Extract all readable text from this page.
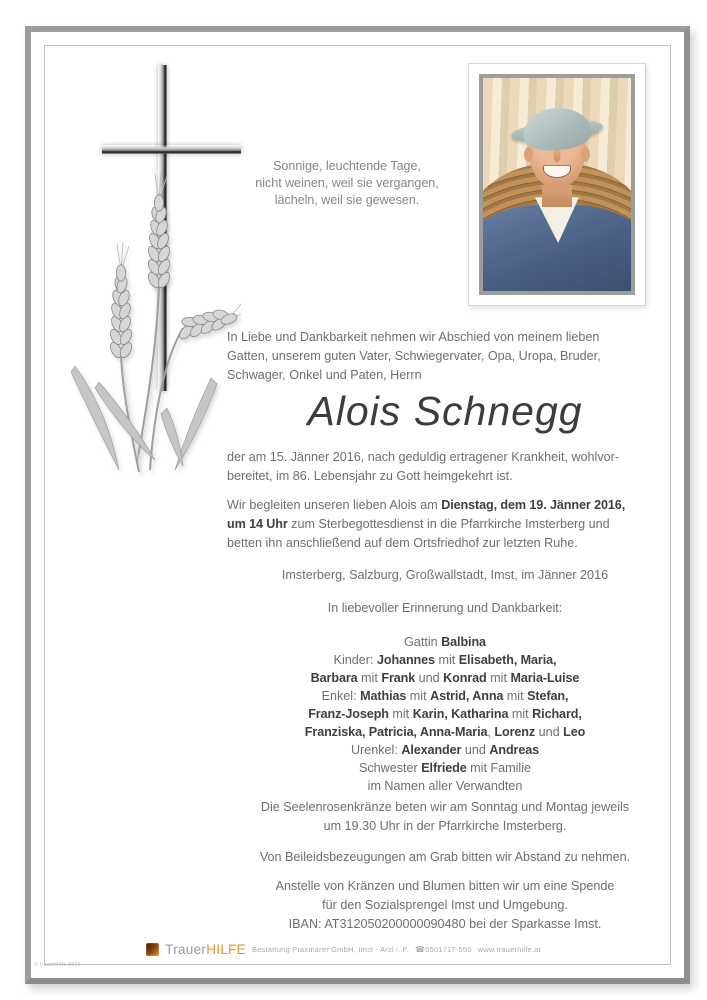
Sonnige, leuchtende Tage,
nicht weinen, weil sie vergangen,
lächeln, weil sie gewesen.
In Liebe und Dankbarkeit nehmen wir Abschied von meinem lieben
Gatten, unserem guten Vater, Schwiegervater, Opa, Uropa, Bruder,
Schwager, Onkel und Paten, Herrn
Alois Schnegg
der am 15. Jänner 2016, nach geduldig ertragener Krankheit, wohlvor-
bereitet, im 86. Lebensjahr zu Gott heimgekehrt ist.
Wir begleiten unseren lieben Alois am Dienstag, dem 19. Jänner 2016,
um 14 Uhr zum Sterbegottesdienst in die Pfarrkirche Imsterberg und
betten ihn anschließend auf dem Ortsfriedhof zur letzten Ruhe.
Imsterberg, Salzburg, Großwallstadt, Imst, im Jänner 2016
In liebevoller Erinnerung und Dankbarkeit:
Gattin Balbina
Kinder: Johannes mit Elisabeth, Maria,
Barbara mit Frank und Konrad mit Maria-Luise
Enkel: Mathias mit Astrid, Anna mit Stefan,
Franz-Joseph mit Karin, Katharina mit Richard,
Franziska, Patricia, Anna-Maria, Lorenz und Leo
Urenkel: Alexander und Andreas
Schwester Elfriede mit Familie
im Namen aller Verwandten
Die Seelenrosenkränze beten wir am Sonntag und Montag jeweils
um 19.30 Uhr in der Pfarrkirche Imsterberg.
Von Beileidsbezeugungen am Grab bitten wir Abstand zu nehmen.
Anstelle von Kränzen und Blumen bitten wir um eine Spende
für den Sozialsprengel Imst und Umgebung.
IBAN: AT312050200000090480 bei der Sparkasse Imst.
TrauerHILFE Bestattung Praxmarer GmbH, Imst - Arzl i. P. ☎0501717-550 www.trauerhilfe.at
© trauerhilfe 2016
